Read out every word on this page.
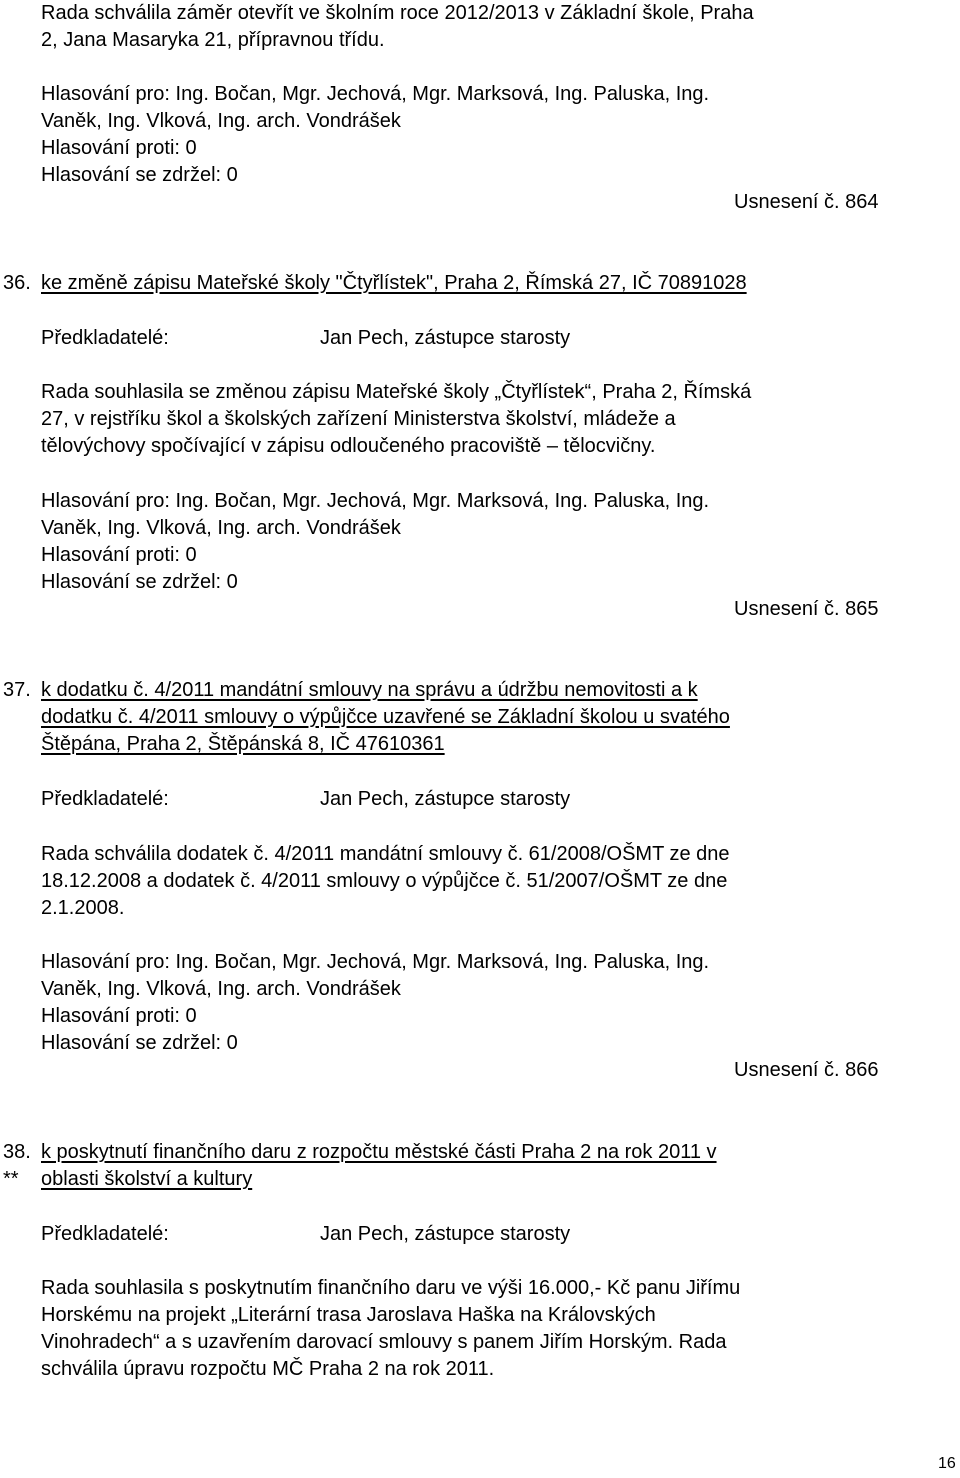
Rada schválila záměr otevřít ve školním roce 2012/2013 v Základní škole, Praha
2, Jana Masaryka 21, přípravnou třídu.
Hlasování pro: Ing. Bočan, Mgr. Jechová, Mgr. Marksová, Ing. Paluska, Ing.
Vaněk, Ing. Vlková, Ing. arch. Vondrášek
Hlasování proti: 0
Hlasování se zdržel: 0
Usnesení č. 864
36. ke změně zápisu Mateřské školy "Čtyřlístek", Praha 2, Římská 27, IČ 70891028
Předkladatelé:	Jan Pech, zástupce starosty
Rada souhlasila se změnou zápisu Mateřské školy „Čtyřlístek“, Praha 2, Římská
27, v rejstříku škol a školských zařízení Ministerstva školství, mládeže a
tělovýchovy spočívající v zápisu odloučeného pracoviště – tělocvičny.
Hlasování pro: Ing. Bočan, Mgr. Jechová, Mgr. Marksová, Ing. Paluska, Ing.
Vaněk, Ing. Vlková, Ing. arch. Vondrášek
Hlasování proti: 0
Hlasování se zdržel: 0
Usnesení č. 865
37. k dodatku č. 4/2011 mandátní smlouvy na správu a údržbu nemovitosti a k
dodatku č. 4/2011 smlouvy o výpůjčce uzavřené se Základní školou u svatého
Štěpána, Praha 2, Štěpánská 8, IČ 47610361
Předkladatelé:	Jan Pech, zástupce starosty
Rada schválila dodatek č. 4/2011 mandátní smlouvy č. 61/2008/OŠMT ze dne
18.12.2008 a dodatek č. 4/2011 smlouvy o výpůjčce č. 51/2007/OŠMT ze dne
2.1.2008.
Hlasování pro: Ing. Bočan, Mgr. Jechová, Mgr. Marksová, Ing. Paluska, Ing.
Vaněk, Ing. Vlková, Ing. arch. Vondrášek
Hlasování proti: 0
Hlasování se zdržel: 0
Usnesení č. 866
38.
**
k poskytnutí finančního daru z rozpočtu městské části Praha 2 na rok 2011 v
oblasti školství a kultury
Předkladatelé:	Jan Pech, zástupce starosty
Rada souhlasila s poskytnutím finančního daru ve výši 16.000,- Kč panu Jiřímu
Horskému na projekt „Literární trasa Jaroslava Haška na Královských
Vinohradech“ a s uzavřením darovací smlouvy s panem Jiřím Horským. Rada
schválila úpravu rozpočtu MČ Praha 2 na rok 2011.
16
